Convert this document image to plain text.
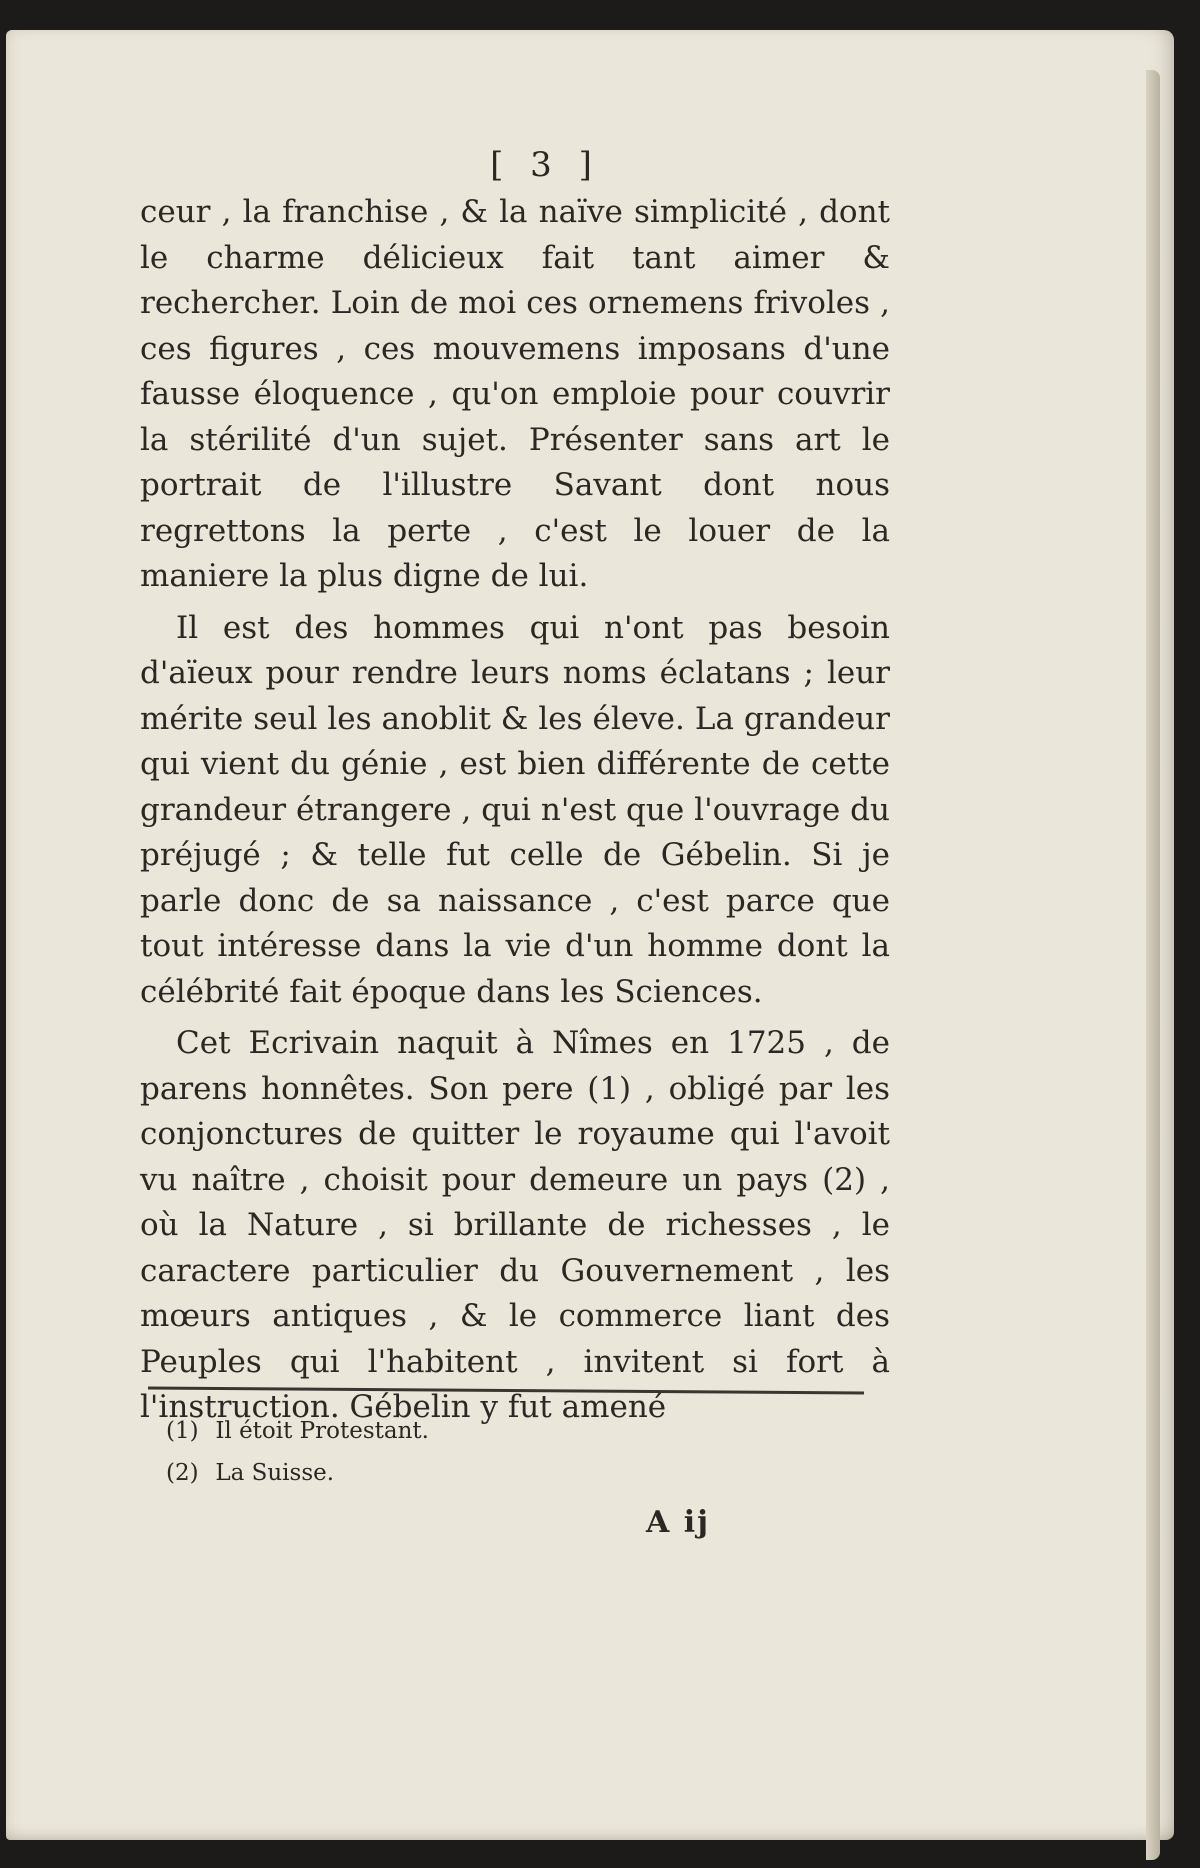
[ 3 ]

ceur , la franchise , & la naïve simplicité , dont le charme délicieux fait tant aimer & rechercher. Loin de moi ces ornemens frivoles , ces figures , ces mouvemens imposans d'une fausse éloquence , qu'on emploie pour couvrir la stérilité d'un sujet. Présenter sans art le portrait de l'illustre Savant dont nous regrettons la perte , c'est le louer de la maniere la plus digne de lui.

Il est des hommes qui n'ont pas besoin d'aïeux pour rendre leurs noms éclatans ; leur mérite seul les anoblit & les éleve. La grandeur qui vient du génie , est bien différente de cette grandeur étrangere , qui n'est que l'ouvrage du préjugé ; & telle fut celle de Gébelin. Si je parle donc de sa naissance , c'est parce que tout intéresse dans la vie d'un homme dont la célébrité fait époque dans les Sciences.

Cet Ecrivain naquit à Nîmes en 1725 , de parens honnêtes. Son pere (1) , obligé par les conjonctures de quitter le royaume qui l'avoit vu naître , choisit pour demeure un pays (2) , où la Nature , si brillante de richesses , le caractere particulier du Gouvernement , les mœurs antiques , & le commerce liant des Peuples qui l'habitent , invitent si fort à l'instruction. Gébelin y fut amené

(1) Il étoit Protestant.
(2) La Suisse.
A ij
